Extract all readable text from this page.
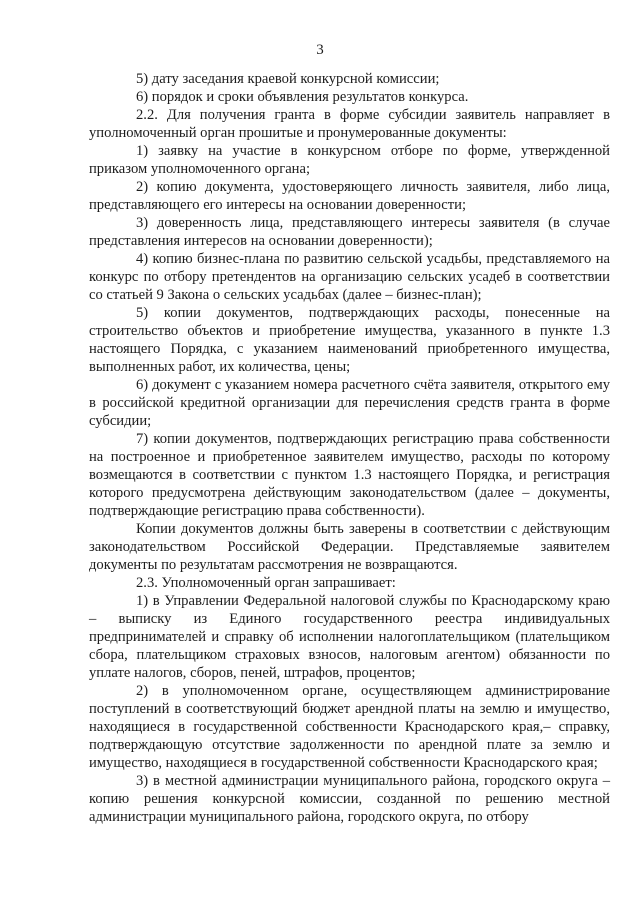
3

5) дату заседания краевой конкурсной комиссии;

6) порядок и сроки объявления результатов конкурса.

2.2. Для получения гранта в форме субсидии заявитель направляет в уполномоченный орган прошитые и пронумерованные документы:

1) заявку на участие в конкурсном отборе по форме, утвержденной приказом уполномоченного органа;

2) копию документа, удостоверяющего личность заявителя, либо лица, представляющего его интересы на основании доверенности;

3) доверенность лица, представляющего интересы заявителя (в случае представления интересов на основании доверенности);

4) копию бизнес-плана по развитию сельской усадьбы, представляемого на конкурс по отбору претендентов на организацию сельских усадеб в соответствии со статьей 9 Закона о сельских усадьбах (далее – бизнес-план);

5) копии документов, подтверждающих расходы, понесенные на строительство объектов и приобретение имущества, указанного в пункте 1.3 настоящего Порядка, с указанием наименований приобретенного имущества, выполненных работ, их количества, цены;

6) документ с указанием номера расчетного счёта заявителя, открытого ему в российской кредитной организации для перечисления средств гранта в форме субсидии;

7) копии документов, подтверждающих регистрацию права собственности на построенное и приобретенное заявителем имущество, расходы по которому возмещаются в соответствии с пунктом 1.3 настоящего Порядка, и регистрация которого предусмотрена действующим законодательством (далее – документы, подтверждающие регистрацию права собственности).

Копии документов должны быть заверены в соответствии с действующим законодательством Российской Федерации. Представляемые заявителем документы по результатам рассмотрения не возвращаются.

2.3. Уполномоченный орган запрашивает:

1) в Управлении Федеральной налоговой службы по Краснодарскому краю – выписку из Единого государственного реестра индивидуальных предпринимателей и справку об исполнении налогоплательщиком (плательщиком сбора, плательщиком страховых взносов, налоговым агентом) обязанности по уплате налогов, сборов, пеней, штрафов, процентов;

2) в уполномоченном органе, осуществляющем администрирование поступлений в соответствующий бюджет арендной платы на землю и имущество, находящиеся в государственной собственности Краснодарского края,– справку, подтверждающую отсутствие задолженности по арендной плате за землю и имущество, находящиеся в государственной собственности Краснодарского края;

3) в местной администрации муниципального района, городского округа – копию решения конкурсной комиссии, созданной по решению местной администрации муниципального района, городского округа, по отбору
